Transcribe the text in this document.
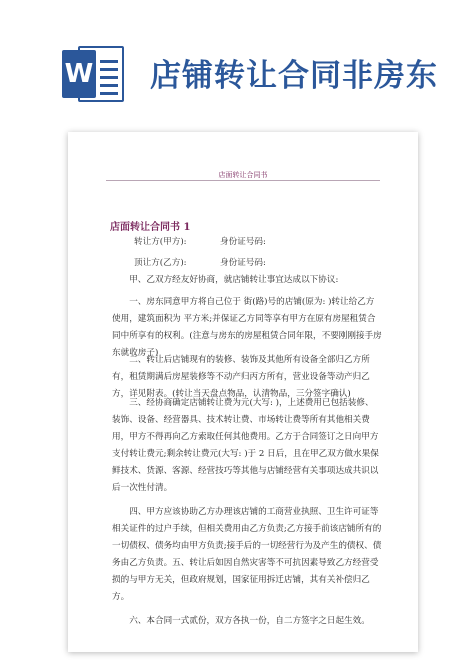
W 店铺转让合同非房东
店面转让合同书
店面转让合同书 1
转让方(甲方):	身份证号码:
顶让方(乙方):	身份证号码:
甲、乙双方经友好协商，就店铺转让事宜达成以下协议:
一、房东同意甲方将自己位于 街(路)号的店铺(原为: )转让给乙方使用，建筑面积为 平方米;并保证乙方同等享有甲方在原有房屋租赁合同中所享有的权利。(注意与房东的房屋租赁合同年限，不要刚刚接手房东就收房子)
二、转让后店铺现有的装修、装饰及其他所有设备全部归乙方所有，租赁期满后房屋装修等不动产归丙方所有，营业设备等动产归乙方，详见附表。(转让当天盘点物品，认清物品，三分签字确认)
三、经协商确定店铺转让费为元(大写: )，上述费用已包括装修、装饰、设备、经营器具、技术转让费、市场转让费等所有其他相关费用，甲方不得再向乙方索取任何其他费用。乙方于合同签订之日向甲方支付转让费元;剩余转让费元(大写: )于 2 日后，且在甲乙双方做水果保鲜技术、货源、客源、经营技巧等其他与店铺经营有关事项达成共识以后一次性付清。
四、甲方应该协助乙方办理该店铺的工商营业执照、卫生许可证等相关证件的过户手续，但相关费用由乙方负责;乙方接手前该店铺所有的一切债权、债务均由甲方负责;接手后的一切经营行为及产生的债权、债务由乙方负责。五、转让后如因自然灾害等不可抗因素导致乙方经营受损的与甲方无关，但政府规划，国家征用拆迁店铺，其有关补偿归乙方。
六、本合同一式贰份，双方各执一份，自二方签字之日起生效。
